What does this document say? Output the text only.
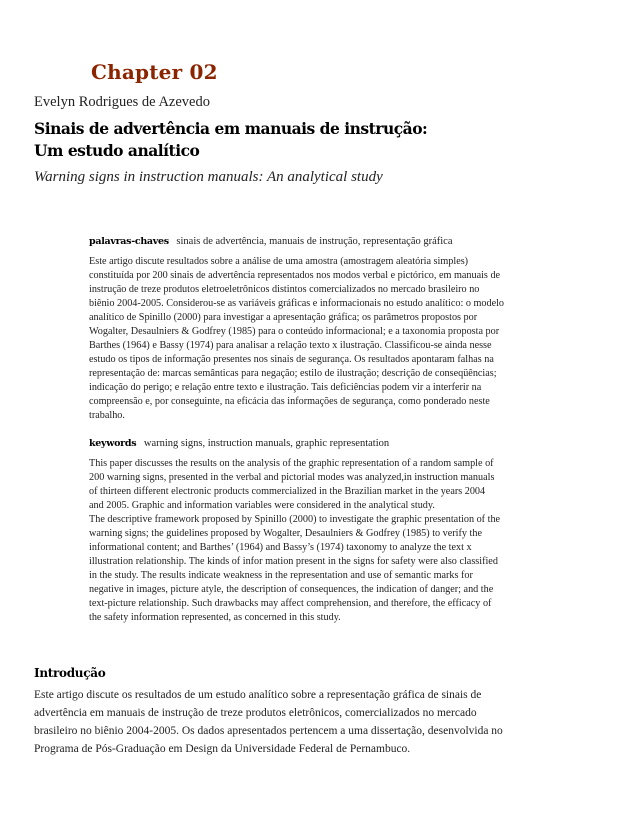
Chapter 02
Evelyn Rodrigues de Azevedo
Sinais de advertência em manuais de instrução:
Um estudo analítico
Warning signs in instruction manuals: An analytical study
palavras-chaves sinais de advertência, manuais de instrução, representação gráfica
Este artigo discute resultados sobre a análise de uma amostra (amostragem aleatória simples)
constituída por 200 sinais de advertência representados nos modos verbal e pictórico, em manuais de
instrução de treze produtos eletroeletrônicos distintos comercializados no mercado brasileiro no
biênio 2004-2005. Considerou-se as variáveis gráficas e informacionais no estudo analítico: o modelo
analítico de Spinillo (2000) para investigar a apresentação gráfica; os parâmetros propostos por
Wogalter, Desaulniers & Godfrey (1985) para o conteúdo informacional; e a taxonomia proposta por
Barthes (1964) e Bassy (1974) para analisar a relação texto x ilustração. Classificou-se ainda nesse
estudo os tipos de informação presentes nos sinais de segurança. Os resultados apontaram falhas na
representação de: marcas semânticas para negação; estilo de ilustração; descrição de conseqüências;
indicação do perigo; e relação entre texto e ilustração. Tais deficiências podem vir a interferir na
compreensão e, por conseguinte, na eficácia das informações de segurança, como ponderado neste
trabalho.
keywords warning signs, instruction manuals, graphic representation
This paper discusses the results on the analysis of the graphic representation of a random sample of
200 warning signs, presented in the verbal and pictorial modes was analyzed,in instruction manuals
of thirteen different electronic products commercialized in the Brazilian market in the years 2004
and 2005. Graphic and information variables were considered in the analytical study.
The descriptive framework proposed by Spinillo (2000) to investigate the graphic presentation of the
warning signs; the guidelines proposed by Wogalter, Desaulniers & Godfrey (1985) to verify the
informational content; and Barthes’ (1964) and Bassy’s (1974) taxonomy to analyze the text x
illustration relationship. The kinds of infor mation present in the signs for safety were also classified
in the study. The results indicate weakness in the representation and use of semantic marks for
negative in images, picture atyle, the description of consequences, the indication of danger; and the
text-picture relationship. Such drawbacks may affect comprehension, and therefore, the efficacy of
the safety information represented, as concerned in this study.
Introdução
Este artigo discute os resultados de um estudo analítico sobre a representação gráfica de sinais de
advertência em manuais de instrução de treze produtos eletrônicos, comercializados no mercado
brasileiro no biênio 2004-2005. Os dados apresentados pertencem a uma dissertação, desenvolvida no
Programa de Pós-Graduação em Design da Universidade Federal de Pernambuco.
